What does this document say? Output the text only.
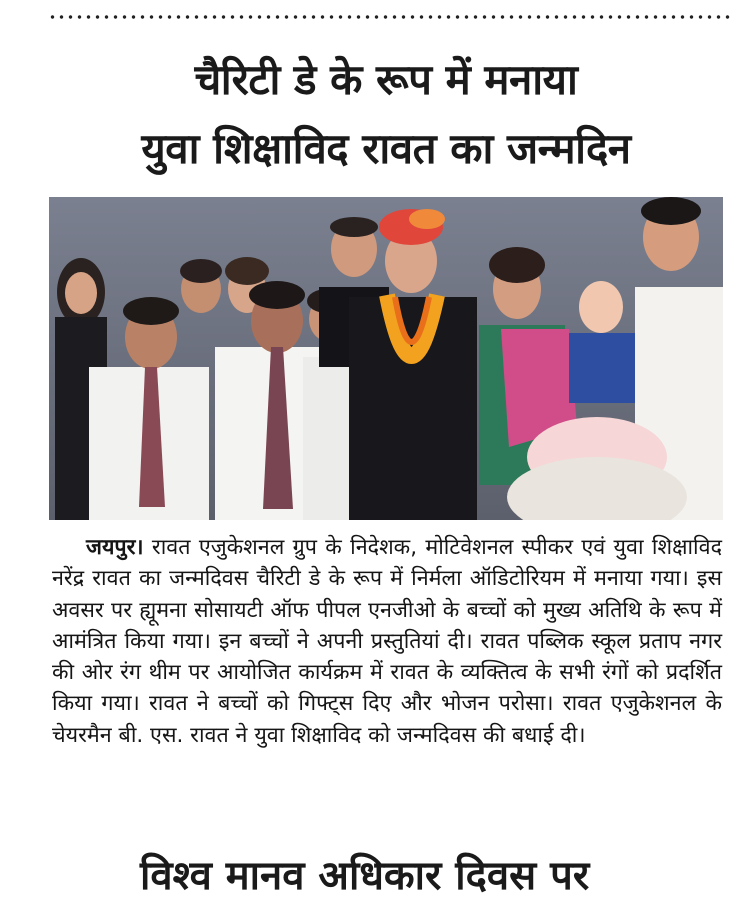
चैरिटी डे के रूप में मनाया
युवा शिक्षाविद रावत का जन्मदिन
जयपुर। रावत एजुकेशनल ग्रुप के निदेशक, मोटिवेशनल स्पीकर एवं युवा शिक्षाविद नरेंद्र रावत का जन्मदिवस चैरिटी डे के रूप में निर्मला ऑडिटोरियम में मनाया गया। इस अवसर पर ह्यूमना सोसायटी ऑफ पीपल एनजीओ के बच्चों को मुख्य अतिथि के रूप में आमंत्रित किया गया। इन बच्चों ने अपनी प्रस्तुतियां दी। रावत पब्लिक स्कूल प्रताप नगर की ओर रंग थीम पर आयोजित कार्यक्रम में रावत के व्यक्तित्व के सभी रंगों को प्रदर्शित किया गया। रावत ने बच्चों को गिफ्ट्स दिए और भोजन परोसा। रावत एजुकेशनल के चेयरमैन बी. एस. रावत ने युवा शिक्षाविद को जन्मदिवस की बधाई दी।
विश्व मानव अधिकार दिवस पर
